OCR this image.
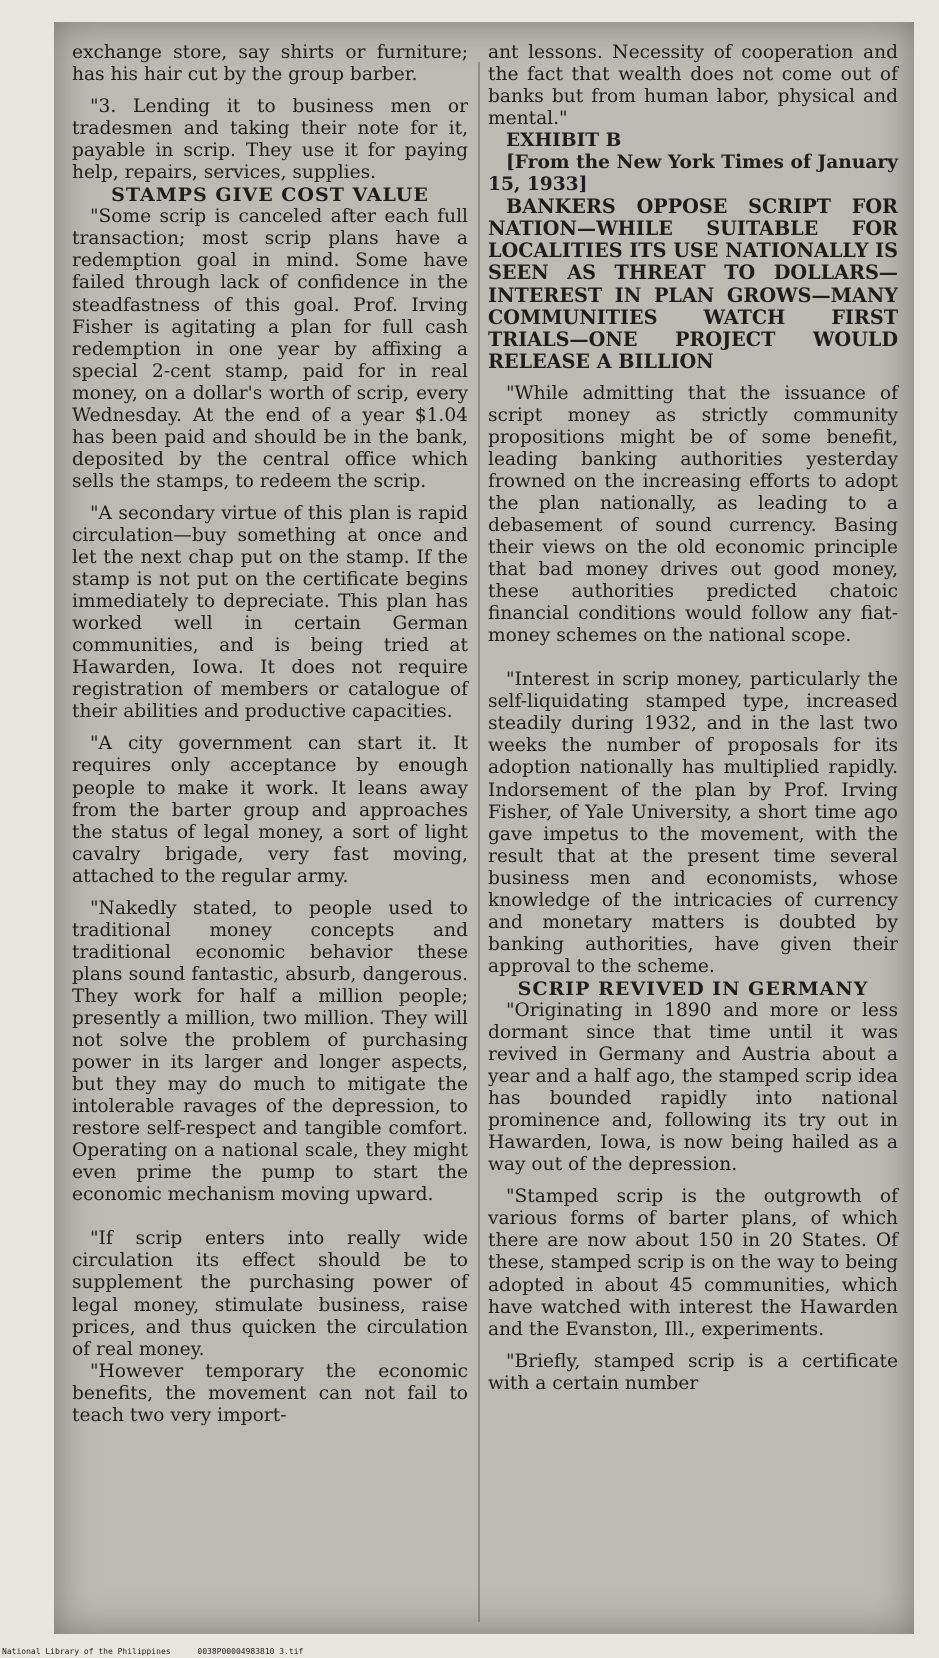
exchange store, say shirts or furniture; has his hair cut by the group barber.

"3. Lending it to business men or tradesmen and taking their note for it, payable in scrip. They use it for paying help, repairs, services, supplies.

STAMPS GIVE COST VALUE

"Some scrip is canceled after each full transaction; most scrip plans have a redemption goal in mind. Some have failed through lack of confidence in the steadfastness of this goal. Prof. Irving Fisher is agitating a plan for full cash redemption in one year by affixing a special 2-cent stamp, paid for in real money, on a dollar's worth of scrip, every Wednesday. At the end of a year $1.04 has been paid and should be in the bank, deposited by the central office which sells the stamps, to redeem the scrip.

"A secondary virtue of this plan is rapid circulation—buy something at once and let the next chap put on the stamp. If the stamp is not put on the certificate begins immediately to depreciate. This plan has worked well in certain German communities, and is being tried at Hawarden, Iowa. It does not require registration of members or catalogue of their abilities and productive capacities.

"A city government can start it. It requires only acceptance by enough people to make it work. It leans away from the barter group and approaches the status of legal money, a sort of light cavalry brigade, very fast moving, attached to the regular army.

"Nakedly stated, to people used to traditional money concepts and traditional economic behavior these plans sound fantastic, absurb, dangerous. They work for half a million people; presently a million, two million. They will not solve the problem of purchasing power in its larger and longer aspects, but they may do much to mitigate the intolerable ravages of the depression, to restore self-respect and tangible comfort. Operating on a national scale, they might even prime the pump to start the economic mechanism moving upward.

"If scrip enters into really wide circulation its effect should be to supplement the purchasing power of legal money, stimulate business, raise prices, and thus quicken the circulation of real money.

"However temporary the economic benefits, the movement can not fail to teach two very import-

ant lessons. Necessity of cooperation and the fact that wealth does not come out of banks but from human labor, physical and mental."

EXHIBIT B

[From the New York Times of January 15, 1933]

BANKERS OPPOSE SCRIPT FOR NATION—WHILE SUITABLE FOR LOCALITIES ITS USE NATIONALLY IS SEEN AS THREAT TO DOLLARS—INTEREST IN PLAN GROWS—MANY COMMUNITIES WATCH FIRST TRIALS—ONE PROJECT WOULD RELEASE A BILLION

"While admitting that the issuance of script money as strictly community propositions might be of some benefit, leading banking authorities yesterday frowned on the increasing efforts to adopt the plan nationally, as leading to a debasement of sound currency. Basing their views on the old economic principle that bad money drives out good money, these authorities predicted chatoic financial conditions would follow any fiat-money schemes on the national scope.

"Interest in scrip money, particularly the self-liquidating stamped type, increased steadily during 1932, and in the last two weeks the number of proposals for its adoption nationally has multiplied rapidly. Indorsement of the plan by Prof. Irving Fisher, of Yale University, a short time ago gave impetus to the movement, with the result that at the present time several business men and economists, whose knowledge of the intricacies of currency and monetary matters is doubted by banking authorities, have given their approval to the scheme.

SCRIP REVIVED IN GERMANY

"Originating in 1890 and more or less dormant since that time until it was revived in Germany and Austria about a year and a half ago, the stamped scrip idea has bounded rapidly into national prominence and, following its try out in Hawarden, Iowa, is now being hailed as a way out of the depression.

"Stamped scrip is the outgrowth of various forms of barter plans, of which there are now about 150 in 20 States. Of these, stamped scrip is on the way to being adopted in about 45 communities, which have watched with interest the Hawarden and the Evanston, Ill., experiments.

"Briefly, stamped scrip is a certificate with a certain number

National Library of the Philippines	0038P00004983810 3.tif
